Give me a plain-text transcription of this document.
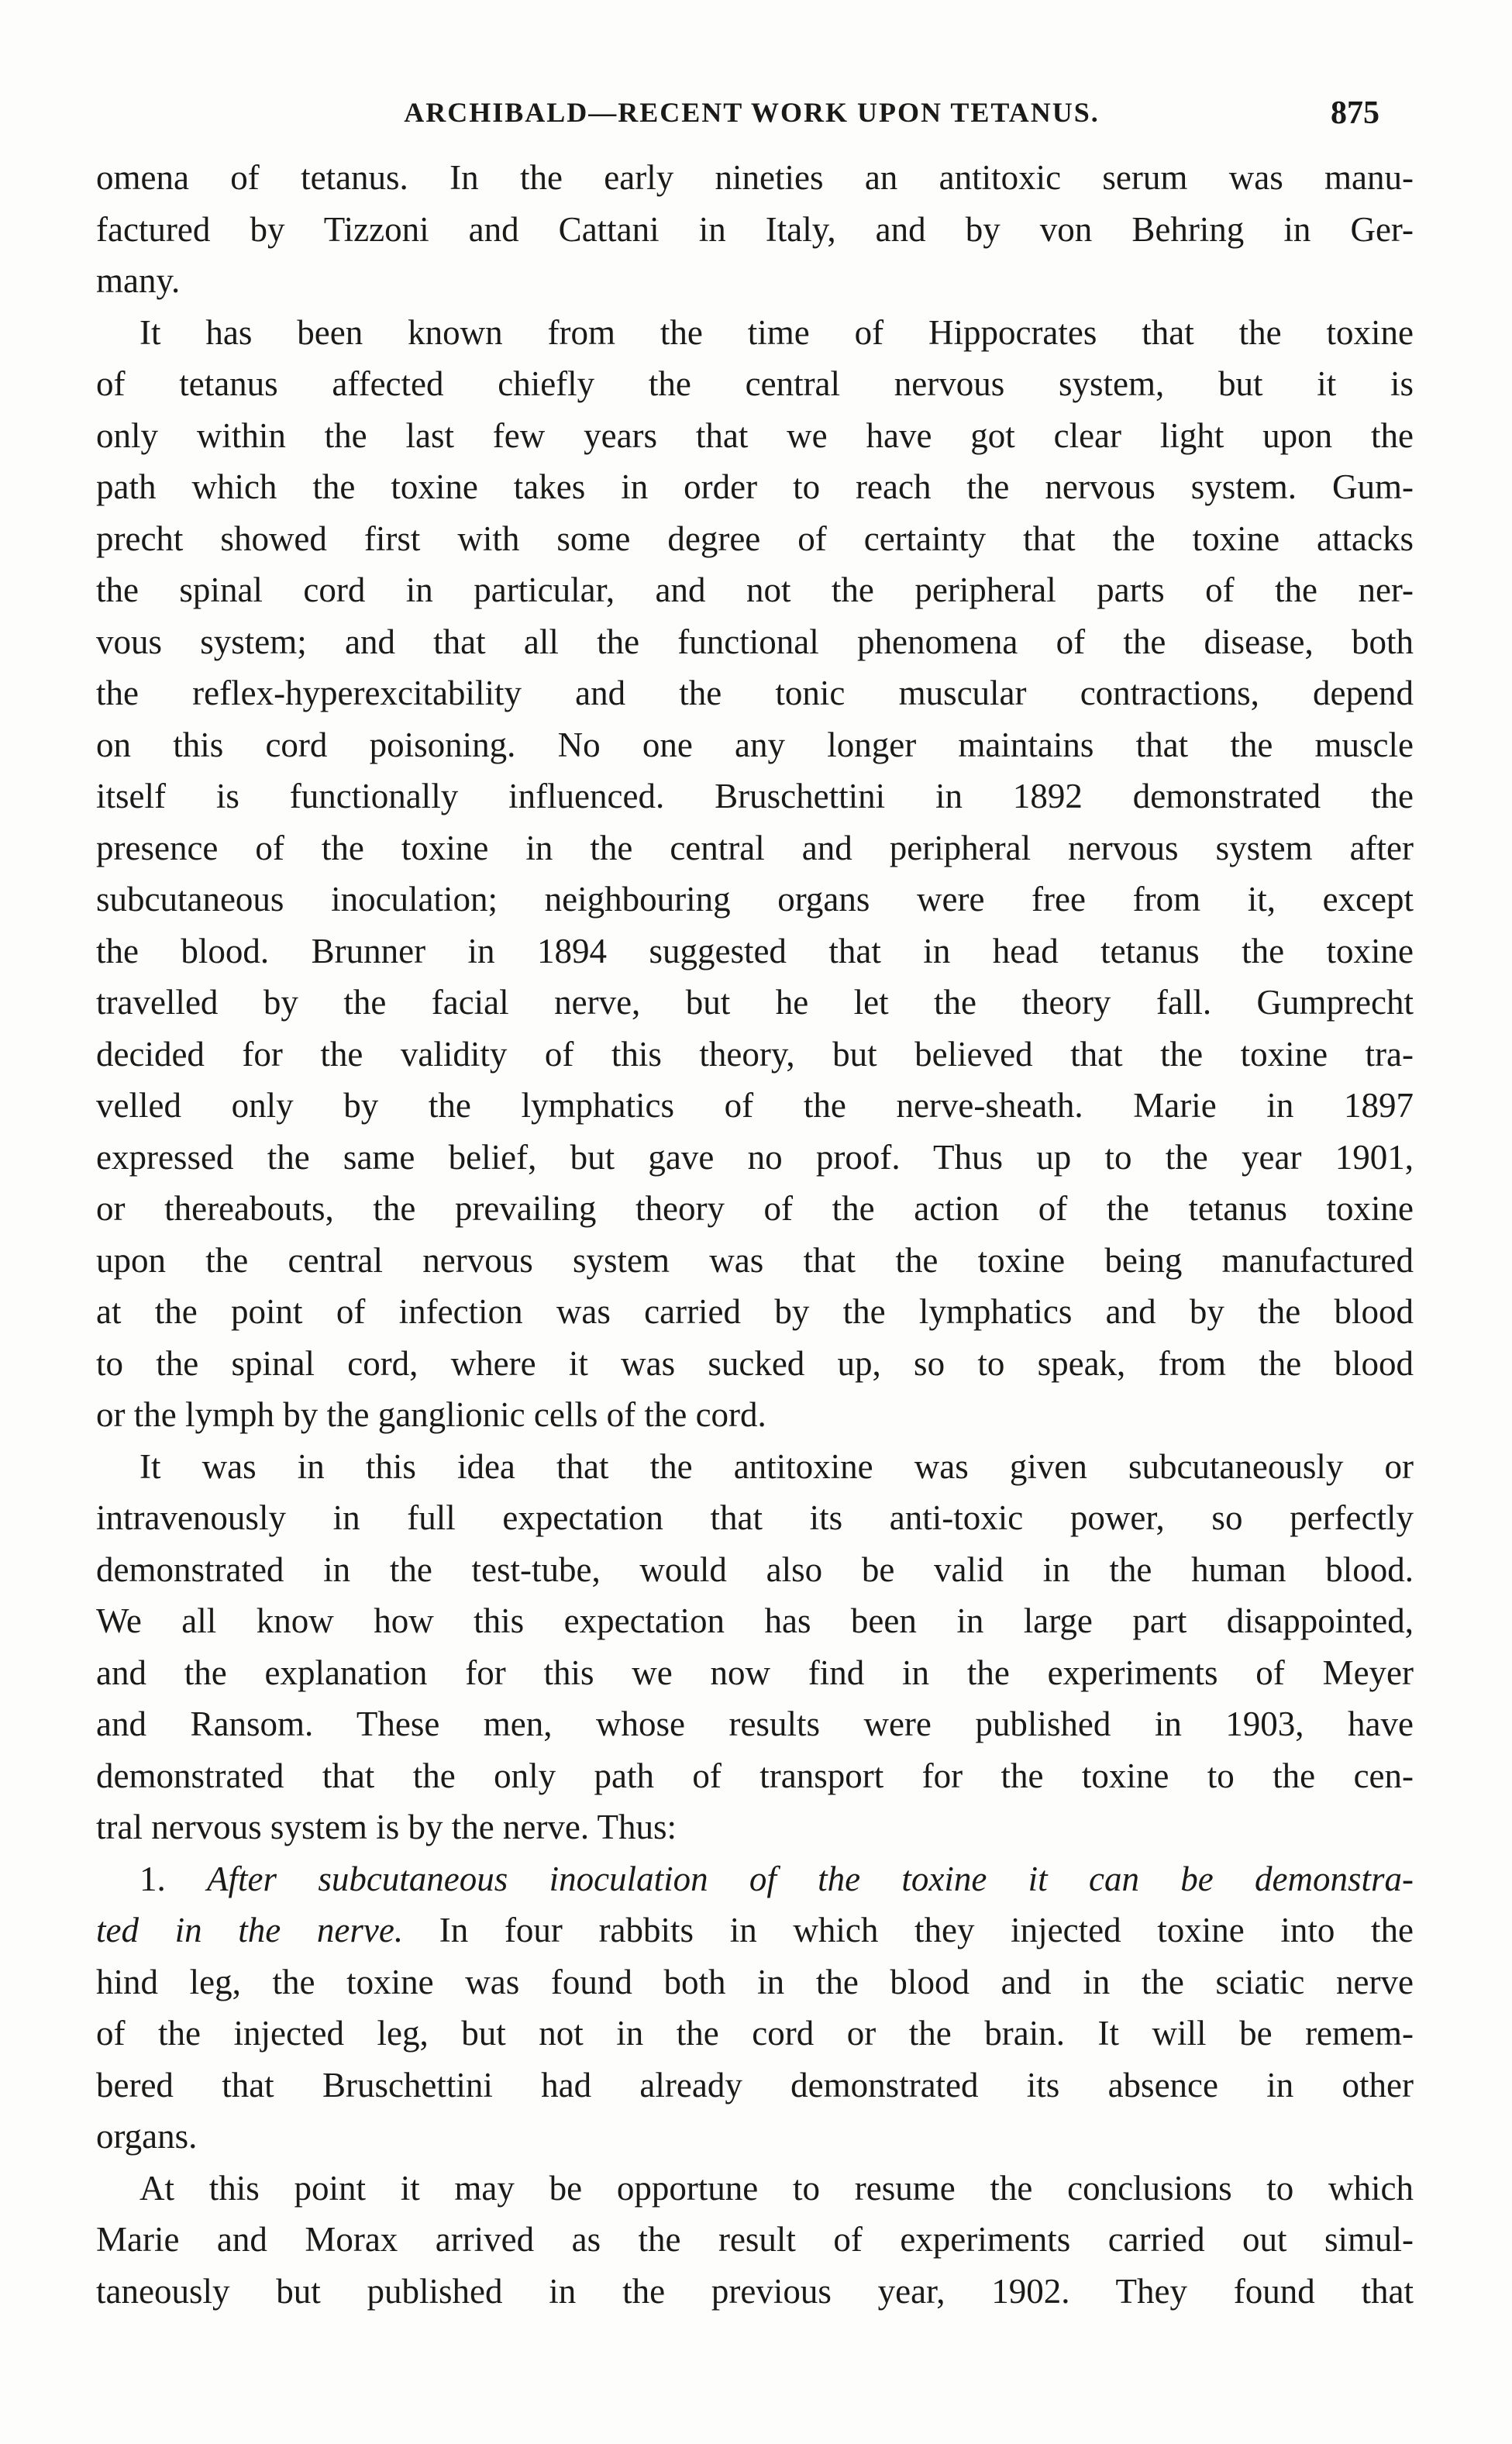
ARCHIBALD—RECENT WORK UPON TETANUS.	875

omena of tetanus. In the early nineties an antitoxic serum was manu-
factured by Tizzoni and Cattani in Italy, and by von Behring in Ger-
many.

It has been known from the time of Hippocrates that the toxine
of tetanus affected chiefly the central nervous system, but it is
only within the last few years that we have got clear light upon the
path which the toxine takes in order to reach the nervous system. Gum-
precht showed first with some degree of certainty that the toxine attacks
the spinal cord in particular, and not the peripheral parts of the ner-
vous system; and that all the functional phenomena of the disease, both
the reflex-hyperexcitability and the tonic muscular contractions, depend
on this cord poisoning. No one any longer maintains that the muscle
itself is functionally influenced. Bruschettini in 1892 demonstrated the
presence of the toxine in the central and peripheral nervous system after
subcutaneous inoculation; neighbouring organs were free from it, except
the blood. Brunner in 1894 suggested that in head tetanus the toxine
travelled by the facial nerve, but he let the theory fall. Gumprecht
decided for the validity of this theory, but believed that the toxine tra-
velled only by the lymphatics of the nerve-sheath. Marie in 1897
expressed the same belief, but gave no proof. Thus up to the year 1901,
or thereabouts, the prevailing theory of the action of the tetanus toxine
upon the central nervous system was that the toxine being manufactured
at the point of infection was carried by the lymphatics and by the blood
to the spinal cord, where it was sucked up, so to speak, from the blood
or the lymph by the ganglionic cells of the cord.

It was in this idea that the antitoxine was given subcutaneously or
intravenously in full expectation that its anti-toxic power, so perfectly
demonstrated in the test-tube, would also be valid in the human blood.
We all know how this expectation has been in large part disappointed,
and the explanation for this we now find in the experiments of Meyer
and Ransom. These men, whose results were published in 1903, have
demonstrated that the only path of transport for the toxine to the cen-
tral nervous system is by the nerve. Thus:

1. After subcutaneous inoculation of the toxine it can be demonstra-
ted in the nerve. In four rabbits in which they injected toxine into the
hind leg, the toxine was found both in the blood and in the sciatic nerve
of the injected leg, but not in the cord or the brain. It will be remem-
bered that Bruschettini had already demonstrated its absence in other
organs.

At this point it may be opportune to resume the conclusions to which
Marie and Morax arrived as the result of experiments carried out simul-
taneously but published in the previous year, 1902. They found that
